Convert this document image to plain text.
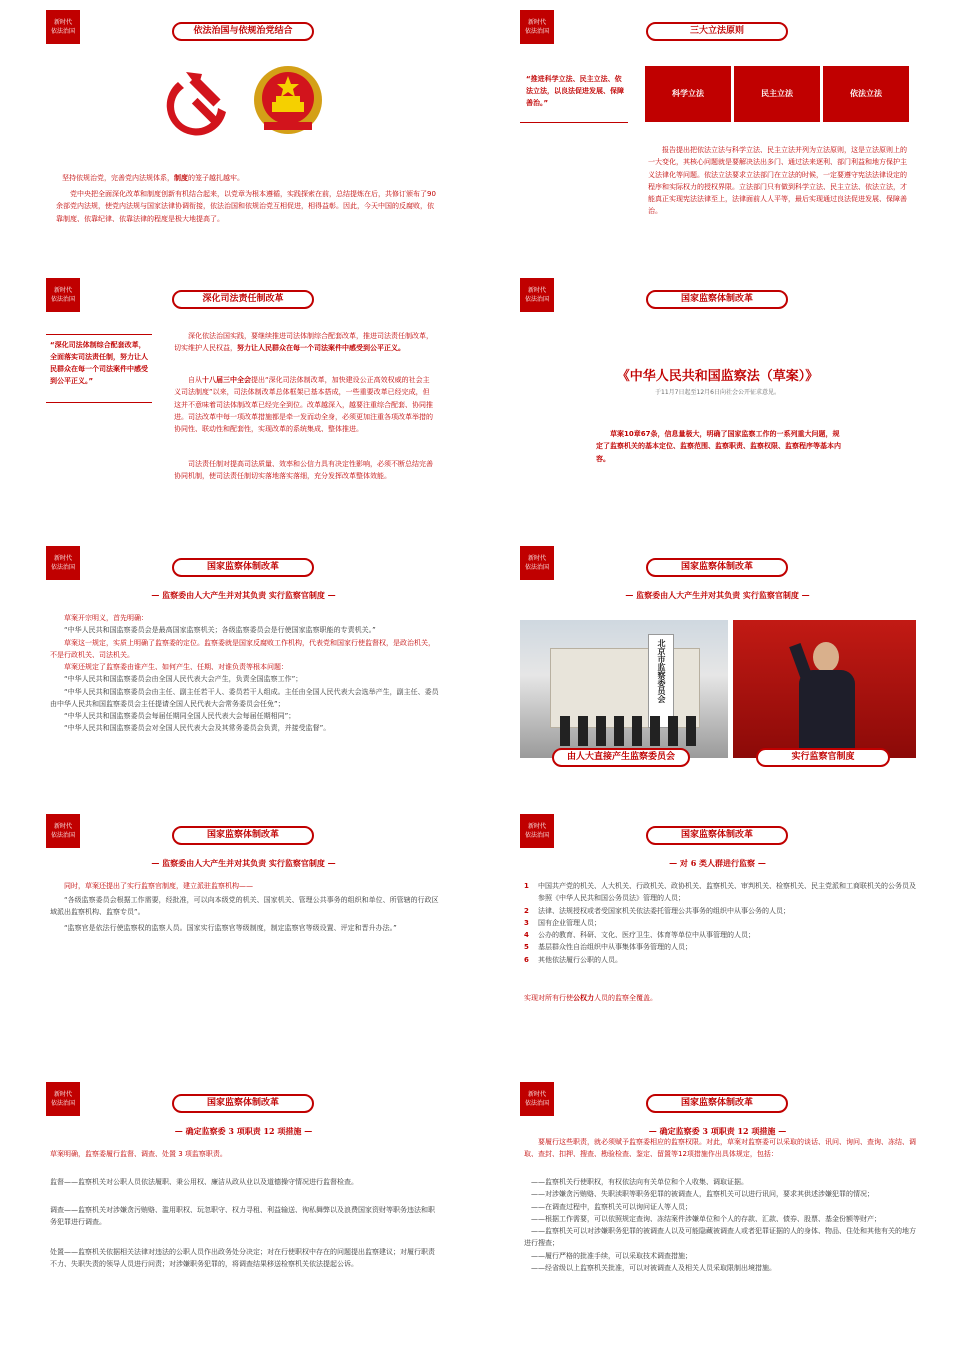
新时代
依法治国	依法治国与依规治党结合
坚持依规治党，完善党内法规体系，制度的笼子越扎越牢。
党中央把全面深化改革和制度创新有机结合起来，以党章为根本遵循，实践探索在前，总结提炼在后，共修订颁布了90余部党内法规，使党内法规与国家法律协调衔接，依法治国和依规治党互相促进，相得益彰。因此，今天中国的反腐败，依靠制度、依靠纪律、依靠法律的程度是极大地提高了。
新时代
依法治国	三大立法原则
“推进科学立法、民主立法、依法立法，以良法促进发展、保障善治。”
科学立法	民主立法	依法立法
报告提出把依法立法与科学立法、民主立法并列为立法原则，这是立法原则上的一大变化，其核心问题就是要解决法出多门、通过法来逐利、部门利益和地方保护主义法律化等问题。依法立法要求立法部门在立法的时候，一定要遵守宪法法律设定的程序和实际权力的授权界限。立法部门只有做到科学立法、民主立法、依法立法，才能真正实现宪法法律至上，法律面前人人平等，最后实现通过良法促进发展、保障善治。
新时代
依法治国	深化司法责任制改革
“深化司法体制综合配套改革，全面落实司法责任制，努力让人民群众在每一个司法案件中感受到公平正义。”
深化依法治国实践，要继续推进司法体制综合配套改革，推进司法责任制改革，切实维护人民权益，努力让人民群众在每一个司法案件中感受到公平正义。
自从十八届三中全会提出“深化司法体制改革，加快建设公正高效权威的社会主义司法制度”以来，司法体制改革总体框架已基本搭成，一些重要改革已经完成，但这并不意味着司法体制改革已经完全到位。改革越深入，越要注重综合配套、协同推进。司法改革中每一项改革措施都是牵一发而动全身，必须更加注重各项改革举措的协同性、联动性和配套性，实现改革的系统集成、整体推进。
司法责任制对提高司法质量、效率和公信力具有决定性影响，必须不断总结完善协同机制，使司法责任制切实落地落实落细，充分发挥改革整体效能。
新时代
依法治国	国家监察体制改革
《中华人民共和国监察法（草案）》
于11月7日起至12月6日向社会公开征求意见。
草案10章67条，信息量极大，明确了国家监察工作的一系列重大问题，规定了监察机关的基本定位、监察范围、监察职责、监察权限、监察程序等基本内容。
新时代
依法治国	国家监察体制改革
— 监察委由人大产生并对其负责 实行监察官制度 —
草案开宗明义，首先明确：
“中华人民共和国监察委员会是最高国家监察机关；各级监察委员会是行使国家监察职能的专责机关。”
草案这一规定，实质上明确了监察委的定位。监察委就是国家反腐败工作机构，代表党和国家行使监督权，是政治机关，不是行政机关、司法机关。
草案还规定了监察委由谁产生、如何产生、任期、对谁负责等根本问题：
“中华人民共和国监察委员会由全国人民代表大会产生，负责全国监察工作”；
“中华人民共和国监察委员会由主任、副主任若干人、委员若干人组成。主任由全国人民代表大会选举产生，副主任、委员由中华人民共和国监察委员会主任提请全国人民代表大会常务委员会任免”；
“中华人民共和国监察委员会每届任期同全国人民代表大会每届任期相同”；
“中华人民共和国监察委员会对全国人民代表大会及其常务委员会负责，并接受监督”。
新时代
依法治国	国家监察体制改革
— 监察委由人大产生并对其负责 实行监察官制度 —
北京市监察委员会
由人大直接产生监察委员会	实行监察官制度
新时代
依法治国	国家监察体制改革
— 监察委由人大产生并对其负责 实行监察官制度 —
同时，草案还提出了实行监察官制度，建立派驻监察机构——
“各级监察委员会根据工作需要，经批准，可以向本级党的机关、国家机关、管理公共事务的组织和单位、所管辖的行政区域派出监察机构、监察专员”。
“监察官是依法行使监察权的监察人员。国家实行监察官等级制度，制定监察官等级设置、评定和晋升办法。”
新时代
依法治国	国家监察体制改革
— 对 6 类人群进行监察 —
1	中国共产党的机关、人大机关、行政机关、政协机关、监察机关、审判机关、检察机关、民主党派和工商联机关的公务员及参照《中华人民共和国公务员法》管理的人员；
2	法律、法规授权或者受国家机关依法委托管理公共事务的组织中从事公务的人员；
3	国有企业管理人员；
4	公办的教育、科研、文化、医疗卫生、体育等单位中从事管理的人员；
5	基层群众性自治组织中从事集体事务管理的人员；
6	其他依法履行公职的人员。
实现对所有行使公权力人员的监察全覆盖。
新时代
依法治国	国家监察体制改革
— 确定监察委 3 项职责 12 项措施 —
草案明确，监察委履行监督、调查、处置 3 项监察职责。
监督——监察机关对公职人员依法履职、秉公用权、廉洁从政从业以及道德操守情况进行监督检查。
调查——监察机关对涉嫌贪污贿赂、滥用职权、玩忽职守、权力寻租、利益输送、徇私舞弊以及浪费国家资财等职务违法和职务犯罪进行调查。
处置——监察机关依据相关法律对违法的公职人员作出政务处分决定；对在行使职权中存在的问题提出监察建议；对履行职责不力、失职失责的领导人员进行问责；对涉嫌职务犯罪的，将调查结果移送检察机关依法提起公诉。
新时代
依法治国	国家监察体制改革
— 确定监察委 3 项职责 12 项措施 —
要履行这些职责，就必须赋予监察委相应的监察权限。对此，草案对监察委可以采取的谈话、讯问、询问、查询、冻结、调取、查封、扣押、搜查、勘验检查、鉴定、留置等12项措施作出具体规定，包括：
——监察机关行使职权，有权依法向有关单位和个人收集、调取证据。
——对涉嫌贪污贿赂、失职渎职等职务犯罪的被调查人，监察机关可以进行讯问，要求其供述涉嫌犯罪的情况；
——在调查过程中，监察机关可以询问证人等人员；
——根据工作需要，可以依照规定查询、冻结案件涉嫌单位和个人的存款、汇款、债券、股票、基金份额等财产；
——监察机关可以对涉嫌职务犯罪的被调查人以及可能隐藏被调查人或者犯罪证据的人的身体、物品、住处和其他有关的地方进行搜查；
——履行严格的批准手续，可以采取技术调查措施；
——经省级以上监察机关批准，可以对被调查人及相关人员采取限制出境措施。
